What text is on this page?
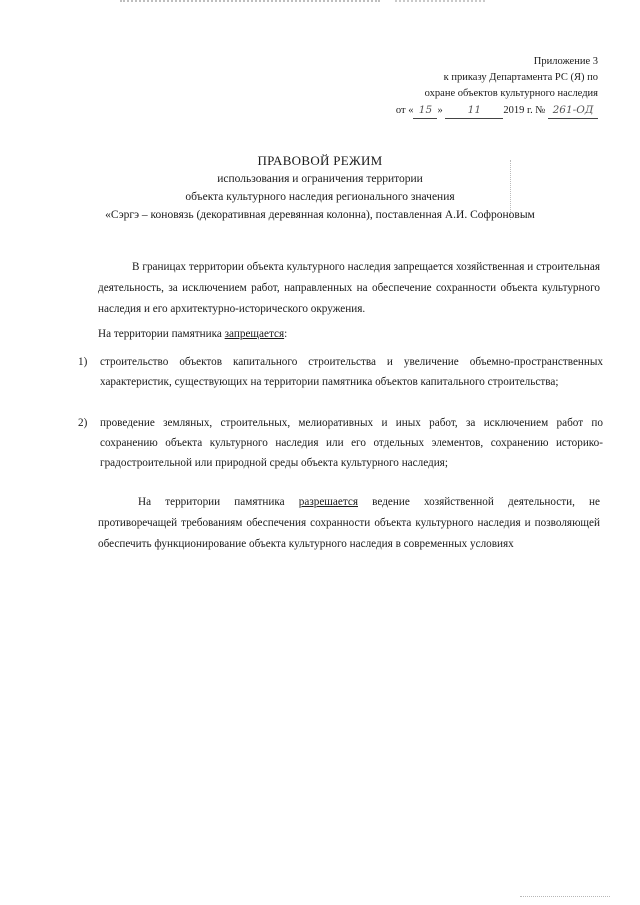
Приложение 3
к приказу Департамента РС (Я) по
охране объектов культурного наследия
от « 15 » 11 2019 г. № 261-ОД
ПРАВОВОЙ РЕЖИМ
использования и ограничения территории
объекта культурного наследия регионального значения
«Сэргэ – коновязь (декоративная деревянная колонна), поставленная А.И. Софроновым
В границах территории объекта культурного наследия запрещается хозяйственная и строительная деятельность, за исключением работ, направленных на обеспечение сохранности объекта культурного наследия и его архитектурно-исторического окружения.
На территории памятника запрещается:
1) строительство объектов капитального строительства и увеличение объемно-пространственных характеристик, существующих на территории памятника объектов капитального строительства;
2) проведение земляных, строительных, мелиоративных и иных работ, за исключением работ по сохранению объекта культурного наследия или его отдельных элементов, сохранению историко-градостроительной или природной среды объекта культурного наследия;
На территории памятника разрешается ведение хозяйственной деятельности, не противоречащей требованиям обеспечения сохранности объекта культурного наследия и позволяющей обеспечить функционирование объекта культурного наследия в современных условиях
